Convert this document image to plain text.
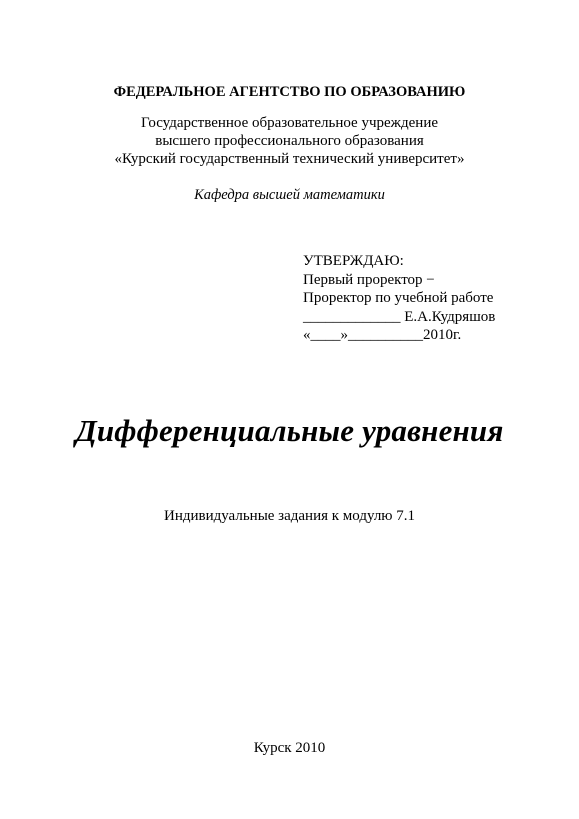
ФЕДЕРАЛЬНОЕ АГЕНТСТВО ПО ОБРАЗОВАНИЮ
Государственное образовательное учреждение
высшего профессионального образования
«Курский государственный технический университет»
Кафедра высшей математики
УТВЕРЖДАЮ:
Первый проректор −
Проректор по учебной работе
_____________ Е.А.Кудряшов
«____»__________2010г.
Дифференциальные уравнения
Индивидуальные задания к модулю 7.1
Курск 2010
